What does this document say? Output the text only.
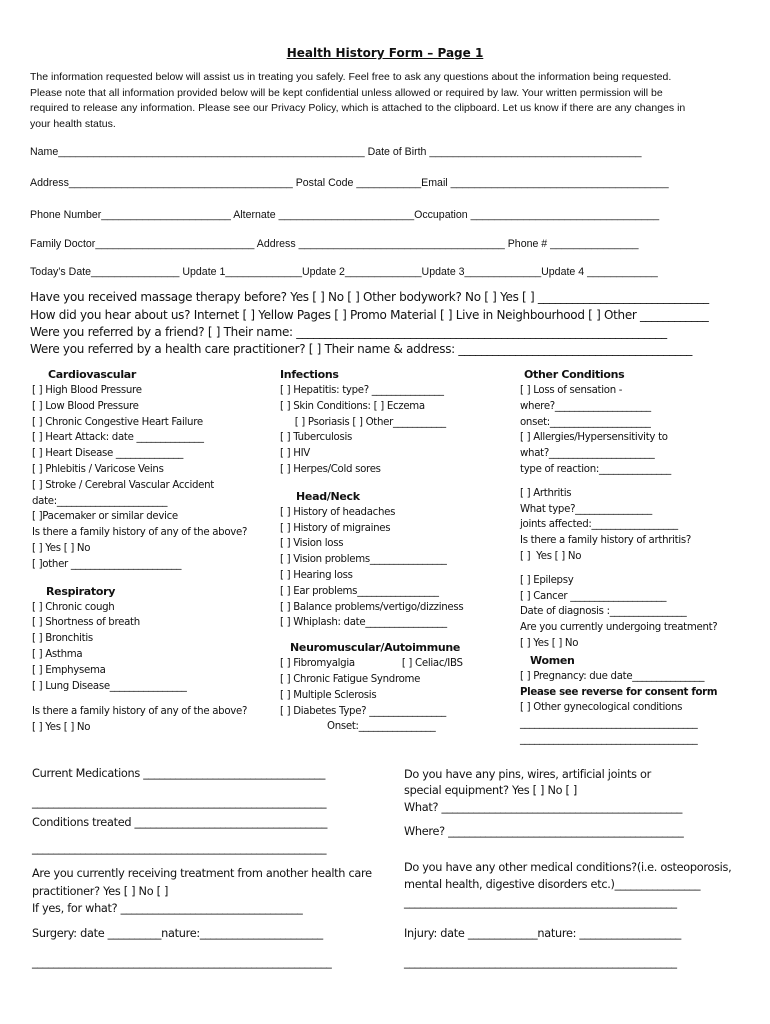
Health History Form – Page 1
The information requested below will assist us in treating you safely. Feel free to ask any questions about the information being requested.
Please note that all information provided below will be kept confidential unless allowed or required by law. Your written permission will be
required to release any information. Please see our Privacy Policy, which is attached to the clipboard. Let us know if there are any changes in
your health status.
Name____________________________________________________ Date of Birth ____________________________________
Address______________________________________ Postal Code ___________Email _____________________________________
Phone Number______________________ Alternate _______________________Occupation ________________________________
Family Doctor___________________________ Address ___________________________________ Phone # _______________
Today’s Date_______________ Update 1_____________Update 2_____________Update 3_____________Update 4 ____________
Have you received massage therapy before? Yes [ ] No [ ] Other bodywork? No [ ] Yes [ ] ______________________________
How did you hear about us? Internet [ ] Yellow Pages [ ] Promo Material [ ] Live in Neighbourhood [ ] Other ____________
Were you referred by a friend? [ ] Their name: _________________________________________________________________
Were you referred by a health care practitioner? [ ] Their name & address: _________________________________________
Cardiovascular
[ ] High Blood Pressure
[ ] Low Blood Pressure
[ ] Chronic Congestive Heart Failure
[ ] Heart Attack: date ______________
[ ] Heart Disease ______________
[ ] Phlebitis / Varicose Veins
[ ] Stroke / Cerebral Vascular Accident
date:_______________________
[ ]Pacemaker or similar device
Is there a family history of any of the above?
[ ] Yes [ ] No
[ ]other _______________________
Respiratory
[ ] Chronic cough
[ ] Shortness of breath
[ ] Bronchitis
[ ] Asthma
[ ] Emphysema
[ ] Lung Disease________________
Is there a family history of any of the above?
[ ] Yes [ ] No
Infections
[ ] Hepatitis: type? _______________
[ ] Skin Conditions: [ ] Eczema
[ ] Psoriasis [ ] Other___________
[ ] Tuberculosis
[ ] HIV
[ ] Herpes/Cold sores
Head/Neck
[ ] History of headaches
[ ] History of migraines
[ ] Vision loss
[ ] Vision problems________________
[ ] Hearing loss
[ ] Ear problems_________________
[ ] Balance problems/vertigo/dizziness
[ ] Whiplash: date_________________
Neuromuscular/Autoimmune
[ ] Fibromyalgia                [ ] Celiac/IBS
[ ] Chronic Fatigue Syndrome
[ ] Multiple Sclerosis
[ ] Diabetes Type? ________________
Onset:________________
Other Conditions
[ ] Loss of sensation -
where?____________________
onset:_____________________
[ ] Allergies/Hypersensitivity to
what?______________________
type of reaction:_______________
[ ] Arthritis
What type?________________
joints affected:__________________
Is there a family history of arthritis?
[ ]  Yes [ ] No
[ ] Epilepsy
[ ] Cancer ____________________
Date of diagnosis :________________
Are you currently undergoing treatment?
[ ] Yes [ ] No
Women
[ ] Pregnancy: due date_______________
Please see reverse for consent form
[ ] Other gynecological conditions
_____________________________________
_____________________________________
Current Medications __________________________________
_______________________________________________________
Conditions treated ____________________________________
_______________________________________________________
Do you have any pins, wires, artificial joints or
special equipment? Yes [ ] No [ ]
What? _____________________________________________
Where? ____________________________________________
Are you currently receiving treatment from another health care
practitioner? Yes [ ] No [ ]
If yes, for what? __________________________________
Do you have any other medical conditions?(i.e. osteoporosis,
mental health, digestive disorders etc.)________________
___________________________________________________
Surgery: date __________nature:_______________________
________________________________________________________
Injury: date _____________nature: ___________________
___________________________________________________
